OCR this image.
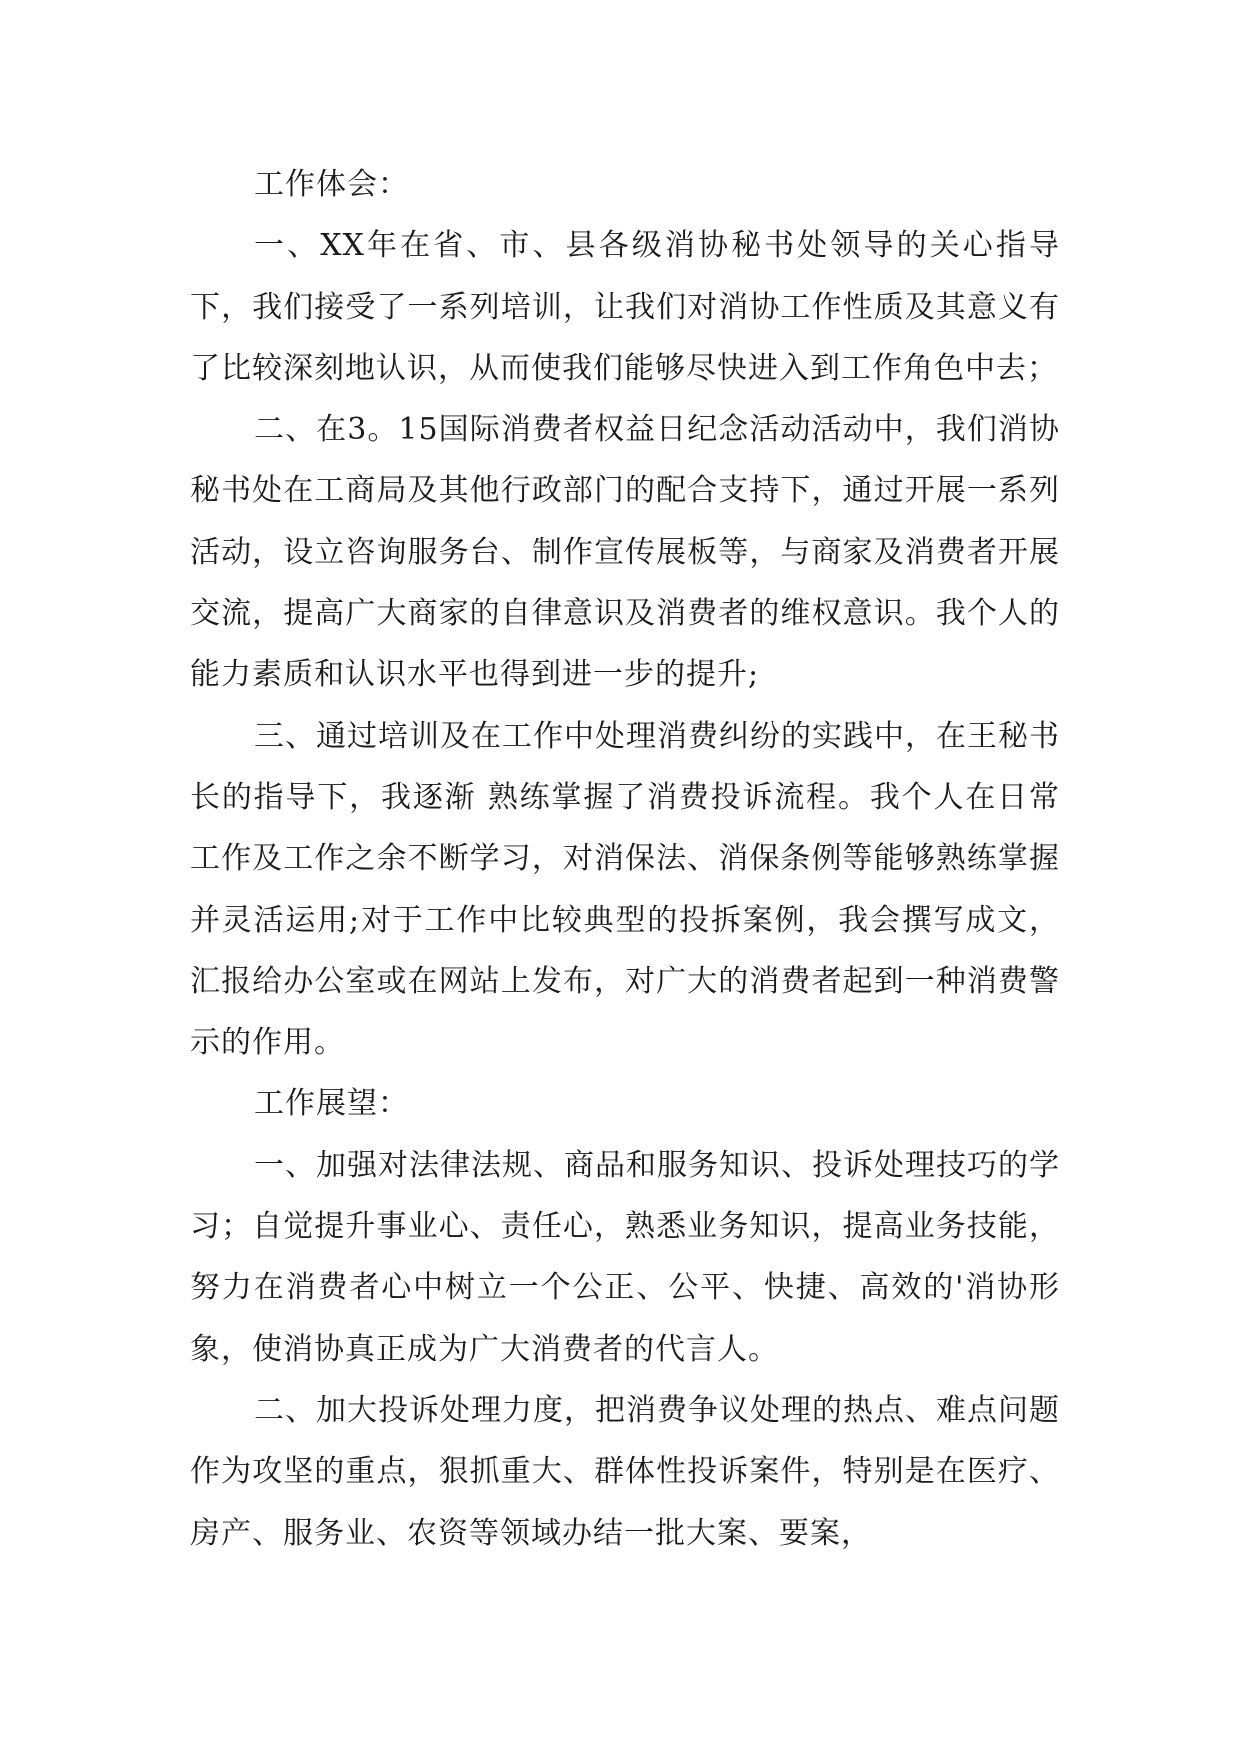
工作体会：

一、XX年在省、市、县各级消协秘书处领导的关心指导下，我们接受了一系列培训，让我们对消协工作性质及其意义有了比较深刻地认识，从而使我们能够尽快进入到工作角色中去；

二、在3。15国际消费者权益日纪念活动活动中，我们消协秘书处在工商局及其他行政部门的配合支持下，通过开展一系列活动，设立咨询服务台、制作宣传展板等，与商家及消费者开展交流，提高广大商家的自律意识及消费者的维权意识。我个人的能力素质和认识水平也得到进一步的提升;

三、通过培训及在工作中处理消费纠纷的实践中，在王秘书长的指导下，我逐渐 熟练掌握了消费投诉流程。我个人在日常工作及工作之余不断学习，对消保法、消保条例等能够熟练掌握并灵活运用;对于工作中比较典型的投拆案例，我会撰写成文，汇报给办公室或在网站上发布，对广大的消费者起到一种消费警示的作用。

工作展望：

一、加强对法律法规、商品和服务知识、投诉处理技巧的学习；自觉提升事业心、责任心，熟悉业务知识，提高业务技能，努力在消费者心中树立一个公正、公平、快捷、高效的'消协形象，使消协真正成为广大消费者的代言人。

二、加大投诉处理力度，把消费争议处理的热点、难点问题作为攻坚的重点，狠抓重大、群体性投诉案件，特别是在医疗、房产、服务业、农资等领域办结一批大案、要案，
